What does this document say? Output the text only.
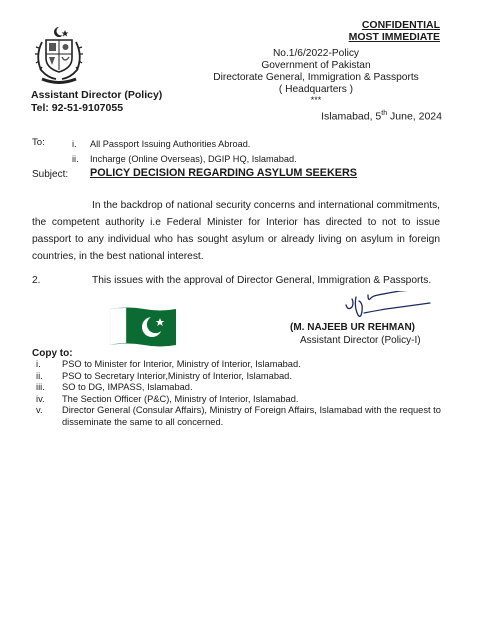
CONFIDENTIAL
MOST IMMEDIATE
Assistant Director (Policy)
Tel: 92-51-9107055
No.1/6/2022-Policy
Government of Pakistan
Directorate General, Immigration & Passports
( Headquarters )
***
Islamabad, 5th June, 2024
To:	i. All Passport Issuing Authorities Abroad.
ii. Incharge (Online Overseas), DGIP HQ, Islamabad.
Subject: POLICY DECISION REGARDING ASYLUM SEEKERS
In the backdrop of national security concerns and international commitments, the competent authority i.e Federal Minister for Interior has directed to not to issue passport to any individual who has sought asylum or already living on asylum in foreign countries, in the best national interest.
2.	This issues with the approval of Director General, Immigration & Passports.
(M. NAJEEB UR REHMAN)
Assistant Director (Policy-I)
Copy to:
i.	PSO to Minister for Interior, Ministry of Interior, Islamabad.
ii.	PSO to Secretary Interior,Ministry of Interior, Islamabad.
iii.	SO to DG, IMPASS, Islamabad.
iv.	The Section Officer (P&C), Ministry of Interior, Islamabad.
v.	Director General (Consular Affairs), Ministry of Foreign Affairs, Islamabad with the request to disseminate the same to all concerned.
